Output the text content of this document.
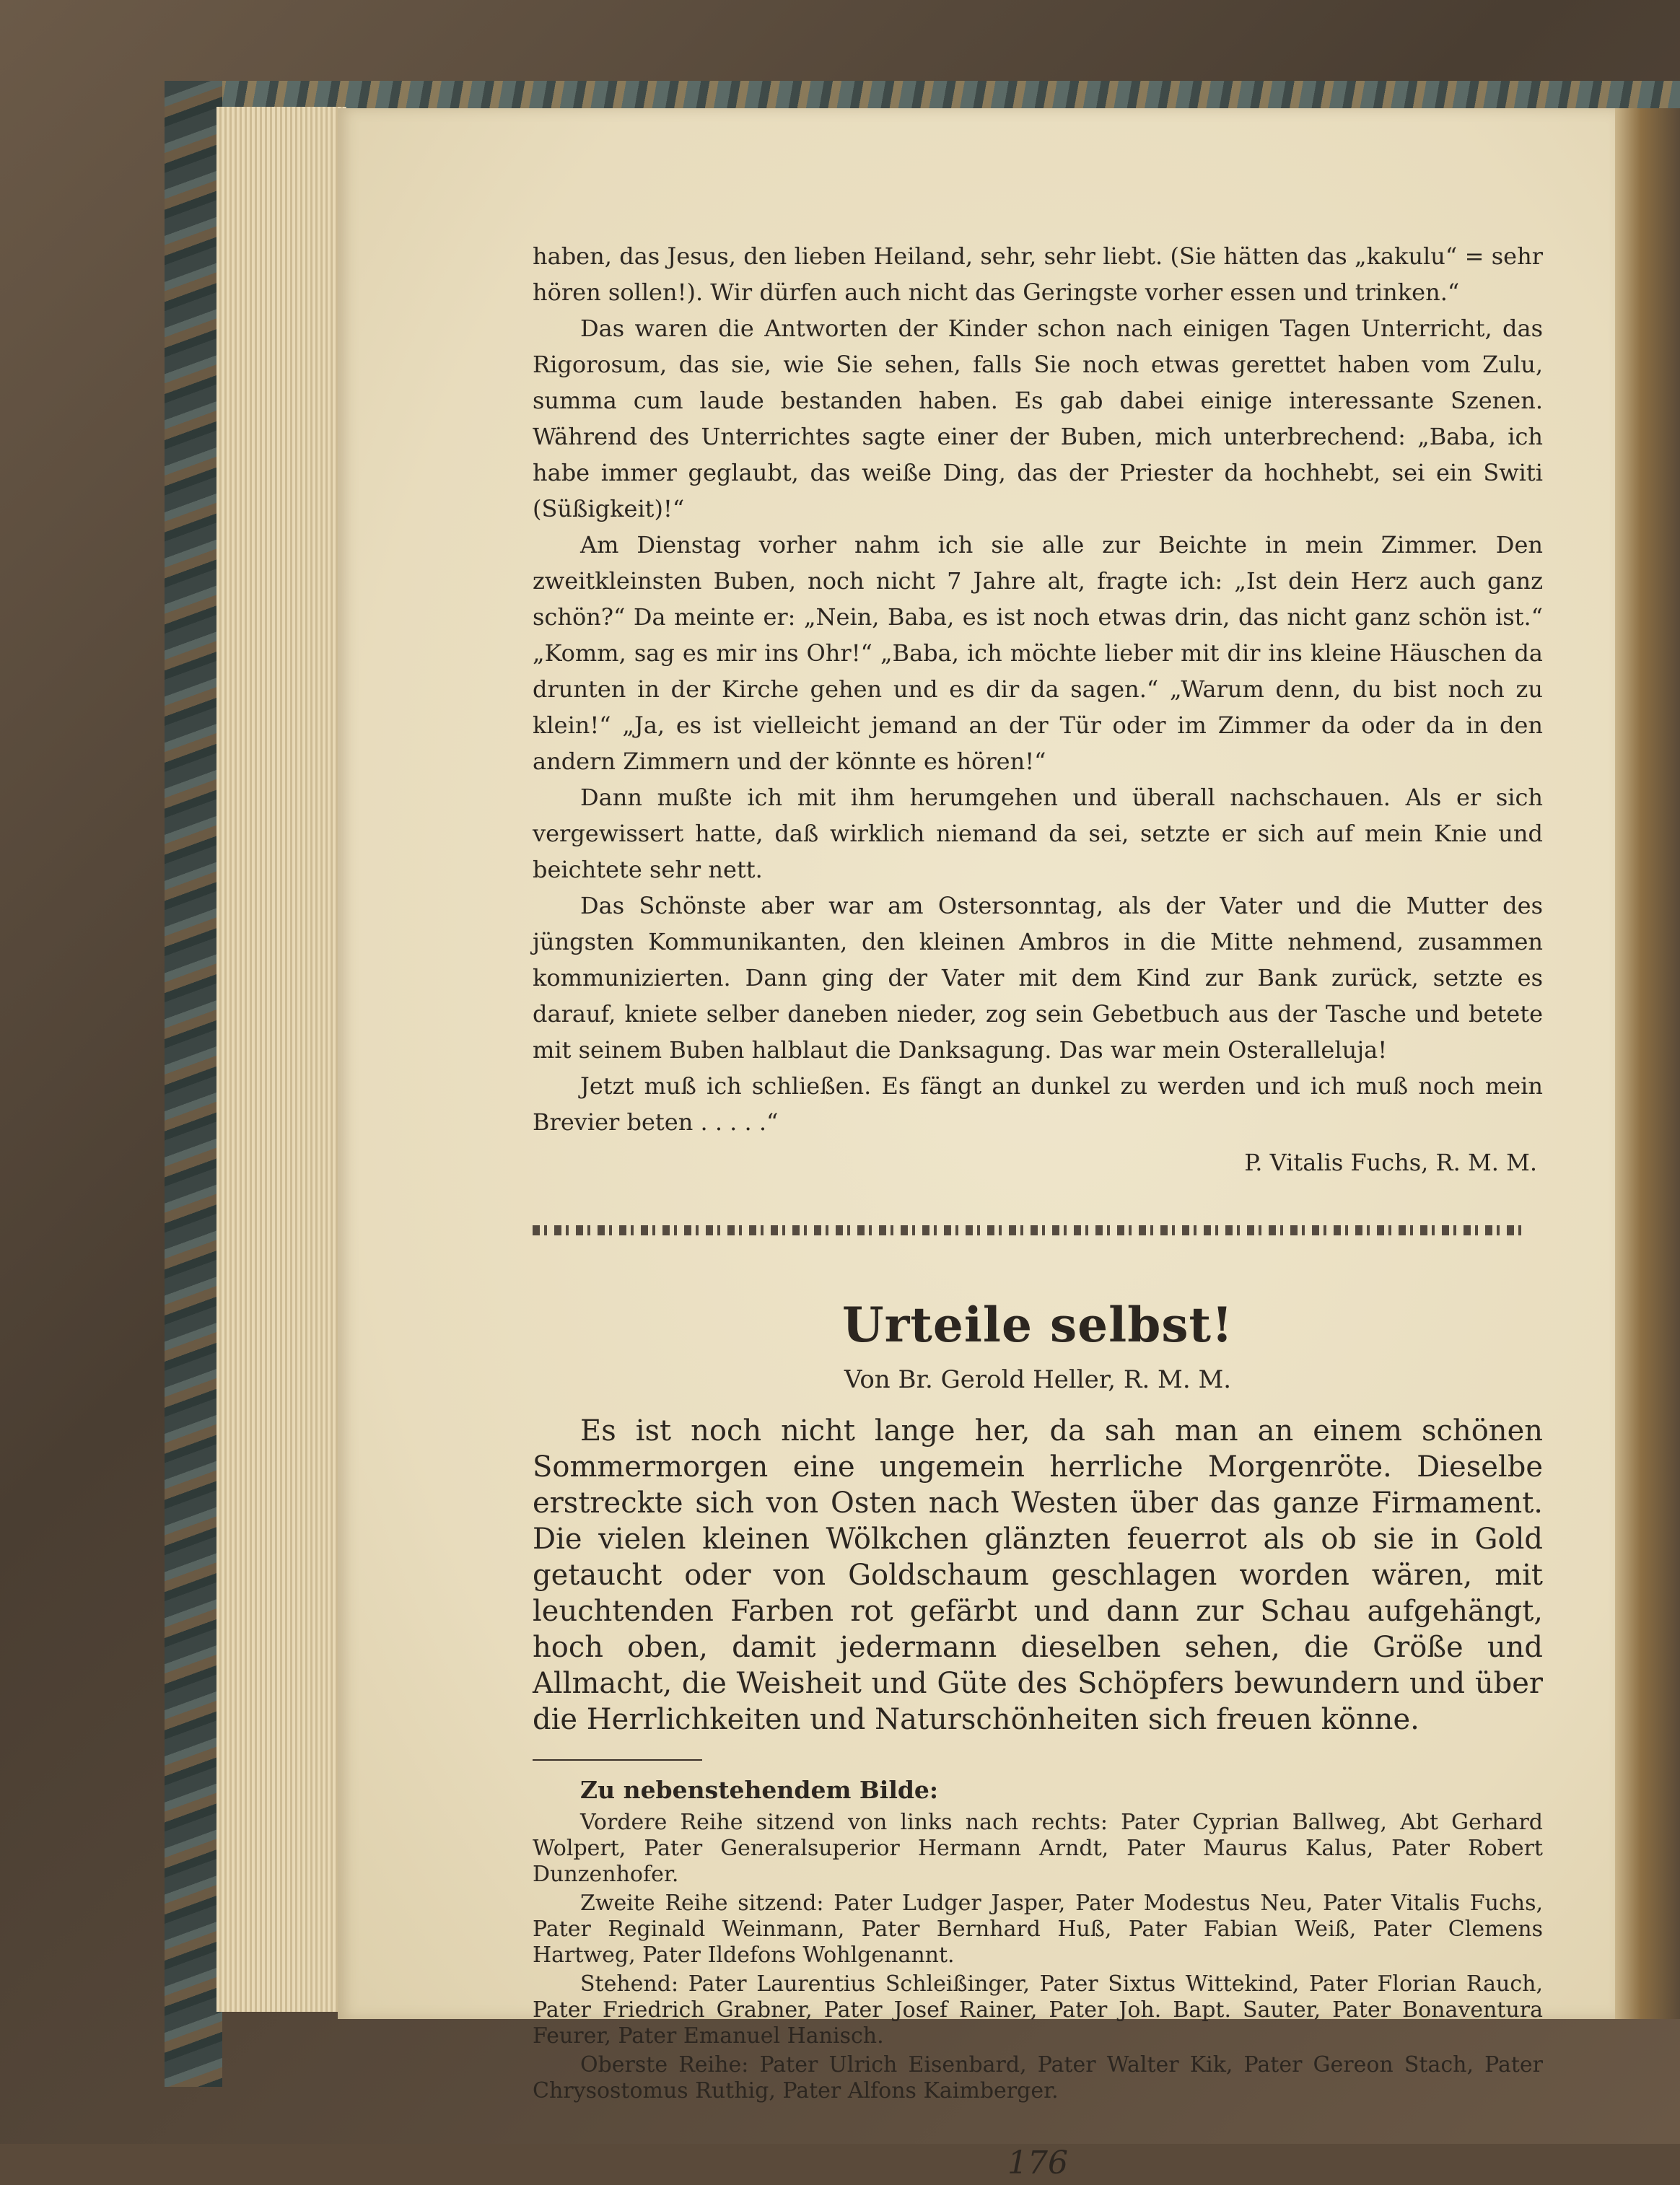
haben, das Jesus, den lieben Heiland, sehr, sehr liebt. (Sie hätten das „kakulu“ = sehr hören sollen!). Wir dürfen auch nicht das Geringste vorher essen und trinken.“

Das waren die Antworten der Kinder schon nach einigen Tagen Unterricht, das Rigorosum, das sie, wie Sie sehen, falls Sie noch etwas gerettet haben vom Zulu, summa cum laude bestanden haben. Es gab dabei einige interessante Szenen. Während des Unterrichtes sagte einer der Buben, mich unterbrechend: „Baba, ich habe immer geglaubt, das weiße Ding, das der Priester da hochhebt, sei ein Switi (Süßigkeit)!“

Am Dienstag vorher nahm ich sie alle zur Beichte in mein Zimmer. Den zweitkleinsten Buben, noch nicht 7 Jahre alt, fragte ich: „Ist dein Herz auch ganz schön?“ Da meinte er: „Nein, Baba, es ist noch etwas drin, das nicht ganz schön ist.“ „Komm, sag es mir ins Ohr!“ „Baba, ich möchte lieber mit dir ins kleine Häuschen da drunten in der Kirche gehen und es dir da sagen.“ „Warum denn, du bist noch zu klein!“ „Ja, es ist vielleicht jemand an der Tür oder im Zimmer da oder da in den andern Zimmern und der könnte es hören!“

Dann mußte ich mit ihm herumgehen und überall nachschauen. Als er sich vergewissert hatte, daß wirklich niemand da sei, setzte er sich auf mein Knie und beichtete sehr nett.

Das Schönste aber war am Ostersonntag, als der Vater und die Mutter des jüngsten Kommunikanten, den kleinen Ambros in die Mitte nehmend, zusammen kommunizierten. Dann ging der Vater mit dem Kind zur Bank zurück, setzte es darauf, kniete selber daneben nieder, zog sein Gebetbuch aus der Tasche und betete mit seinem Buben halblaut die Danksagung. Das war mein Osteralleluja!

Jetzt muß ich schließen. Es fängt an dunkel zu werden und ich muß noch mein Brevier beten . . . . .“

P. Vitalis Fuchs, R. M. M.

Urteile selbst!

Von Br. Gerold Heller, R. M. M.

Es ist noch nicht lange her, da sah man an einem schönen Sommermorgen eine ungemein herrliche Morgenröte. Dieselbe erstreckte sich von Osten nach Westen über das ganze Firmament. Die vielen kleinen Wölkchen glänzten feuerrot als ob sie in Gold getaucht oder von Goldschaum geschlagen worden wären, mit leuchtenden Farben rot gefärbt und dann zur Schau aufgehängt, hoch oben, damit jedermann dieselben sehen, die Größe und Allmacht, die Weisheit und Güte des Schöpfers bewundern und über die Herrlichkeiten und Naturschönheiten sich freuen könne.

Zu nebenstehendem Bilde:

Vordere Reihe sitzend von links nach rechts: Pater Cyprian Ballweg, Abt Gerhard Wolpert, Pater Generalsuperior Hermann Arndt, Pater Maurus Kalus, Pater Robert Dunzenhofer.

Zweite Reihe sitzend: Pater Ludger Jasper, Pater Modestus Neu, Pater Vitalis Fuchs, Pater Reginald Weinmann, Pater Bernhard Huß, Pater Fabian Weiß, Pater Clemens Hartweg, Pater Ildefons Wohlgenannt.

Stehend: Pater Laurentius Schleißinger, Pater Sixtus Wittekind, Pater Florian Rauch, Pater Friedrich Grabner, Pater Josef Rainer, Pater Joh. Bapt. Sauter, Pater Bonaventura Feurer, Pater Emanuel Hanisch.

Oberste Reihe: Pater Ulrich Eisenbard, Pater Walter Kik, Pater Gereon Stach, Pater Chrysostomus Ruthig, Pater Alfons Kaimberger.

176
